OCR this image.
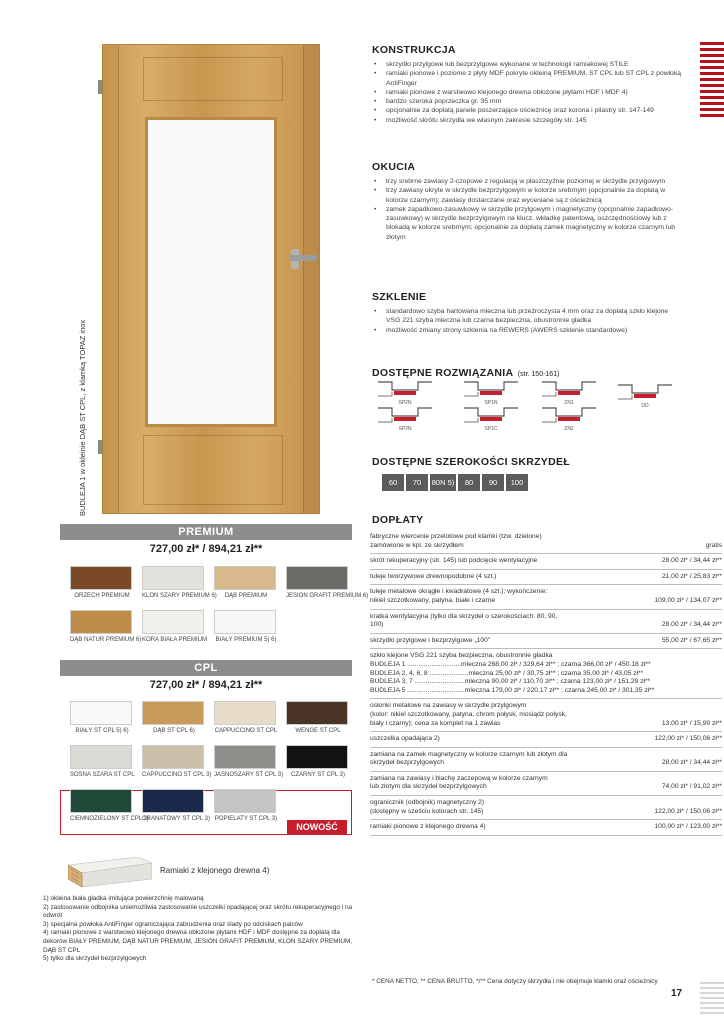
BUDLEJA 1 w okleinie DĄB ST CPL, z klamką TOPAZ inox
PREMIUM
727,00 zł* / 894,21 zł**
CPL
727,00 zł* / 894,21 zł**
NOWOŚĆ
Ramiaki z klejonego drewna 4)
1) okleina biała gładka imitująca powierzchnię malowaną
2) zastosowanie odbojnika uniemożliwia zastosowanie uszczelki opadającej oraz skrótu rekuperacyjnego i na odwrót
3) specjalna powłoka AntiFinger ograniczająca zabrudzenia oraz ślady po odciskach palców
4) ramiaki pionowe z warstwowo klejonego drewna obłożone płytami HDF i MDF dostępne za dopłatą dla dekorów BIAŁY PREMIUM, DĄB NATUR PREMIUM, JESION GRAFIT PREMIUM, KLON SZARY PREMIUM, DĄB ST CPL
5) tylko dla skrzydeł bezprzylgowych
KONSTRUKCJA
• skrzydło przylgowe lub bezprzylgowe wykonane w technologii ramiakowej STILE
• ramiaki pionowe i poziome z płyty MDF pokryte okleiną PREMIUM, ST CPL lub ST CPL z powłoką AntiFinger
• ramiaki pionowe z warstwowo klejonego drewna obłożone płytami HDF i MDF 4)
• bardzo szeroka poprzeczka gr. 35 mm
• opcjonalnie za dopłatą panele poszerzające ościeżnicę oraz korona i pilastry str. 147-149
• możliwość skrótu skrzydła we własnym zakresie szczegóły str. 145
OKUCIA
• trzy srebrne zawiasy 2-czopowe z regulacją w płaszczyźnie poziomej w skrzydle przylgowym
• trzy zawiasy ukryte w skrzydle bezprzylgowym w kolorze srebrnym (opcjonalnie za dopłatą w kolorze czarnym); zawiasy dostarczane oraz wyceniane są z ościeżnicą
• zamek zapadkowo-zasuwkowy w skrzydle przylgowym i magnetyczny (opcjonalnie zapadkowo-zasuwkowy) w skrzydle bezprzylgowym na klucz, wkładkę patentową, oszczędnościowy lub z blokadą w kolorze srebrnym; opcjonalnie za dopłatą zamek magnetyczny w kolorze czarnym lub złotym
SZKLENIE
• standardowo szyba hartowana mleczna lub przeźroczysta 4 mm oraz za dopłatą szkło klejone VSG 221 szyba mleczna lub czarna bezpieczna, obustronnie gładka
• możliwość zmiany strony szklenia na REWERS (AWERS szklenie standardowe)
DOSTĘPNE ROZWIĄZANIA (str. 150-161)
DOSTĘPNE SZEROKOŚCI SKRZYDEŁ
60	70	80N 5)	80	90	100
DOPŁATY
fabryczne wiercenie przelotowe pod klamki (tzw. dzielone)
zamówione w kpl. ze skrzydłem	gratis

skrót rekuperacyjny (str. 145) lub podcięcie wentylacyjne	28,00 zł* / 34,44 zł**

tuleje tworzywowe drewnopodobne (4 szt.)	21,00 zł* / 25,83 zł**

tuleje metalowe okrągłe i kwadratowe (4 szt.); wykończenie:
nikiel szczotkowany, patyna, białe i czarne	109,00 zł* / 134,07 zł**

kratka wentylacyjna (tylko dla skrzydeł o szerokościach: 80, 90,
100)	28,00 zł* / 34,44 zł**

skrzydło przylgowe i bezprzylgowe „100”	55,00 zł* / 67,65 zł**

szkło klejone VSG 221 szyba bezpieczna, obustronnie gładka
BUDLEJA 1 .............................mleczna 268,00 zł* / 329,64 zł** ; czarna 366,00 zł* / 450,18 zł**
BUDLEJA 2, 4, 6, 8 .....................mleczna 25,00 zł* / 30,75 zł** ; czarna 35,00 zł* / 43,05 zł**
BUDLEJA 3, 7 ...........................mleczna 90,00 zł* / 110,70 zł** ; czarna 123,00 zł* / 151,29 zł**
BUDLEJA 5 ...............................mleczna 179,00 zł* / 220,17 zł** ; czarna 245,00 zł* / 301,35 zł**	

osłonki metalowe na zawiasy w skrzydle przylgowym
(kolor: nikiel szczotkowany, patyna, chrom połysk, mosiądz połysk,
biały i czarny); cena za komplet na 1 zawias	13,00 zł* / 15,99 zł**

uszczelka opadająca 2)	122,00 zł* / 150,06 zł**

zamiana na zamek magnetyczny w kolorze czarnym lub złotym dla
skrzydeł bezprzylgowych	28,00 zł* / 34,44 zł**

zamiana na zawiasy i blachę zaczepową w kolorze czarnym
lub złotym dla skrzydeł bezprzylgowych	74,00 zł* / 91,02 zł**

ogranicznik (odbojnik) magnetyczny 2)
(dostępny w sześciu kolorach str. 145)	122,00 zł* / 150,06 zł**

ramiaki pionowe z klejonego drewna 4)	100,00 zł* / 123,00 zł**
* CENA NETTO, ** CENA BRUTTO, */** Cena dotyczy skrzydła i nie obejmuje klamki oraz ościeżnicy
17
ORZECH PREMIUM	KLON SZARY PREMIUM 6)	DĄB PREMIUM	JESION GRAFIT PREMIUM 6)
DĄB NATUR PREMIUM 6) KORA BIAŁA PREMIUM BIAŁY PREMIUM 5) 6)
BIAŁY ST CPL 5) 6)	DĄB ST CPL 6)	CAPPUCCINO ST CPL	WENGE ST CPL
SOSNA SZARA ST CPL CAPPUCCINO ST CPL 3) JASNOSZARY ST CPL 3)	CZARNY ST CPL 3)
CIEMNOZIELONY ST CPL 3)
GRANATOWY ST CPL 3) POPIELATY ST CPL 3)
SP2N	SP1N	ZN1	DD
SP2N	SP1C	ZN2
